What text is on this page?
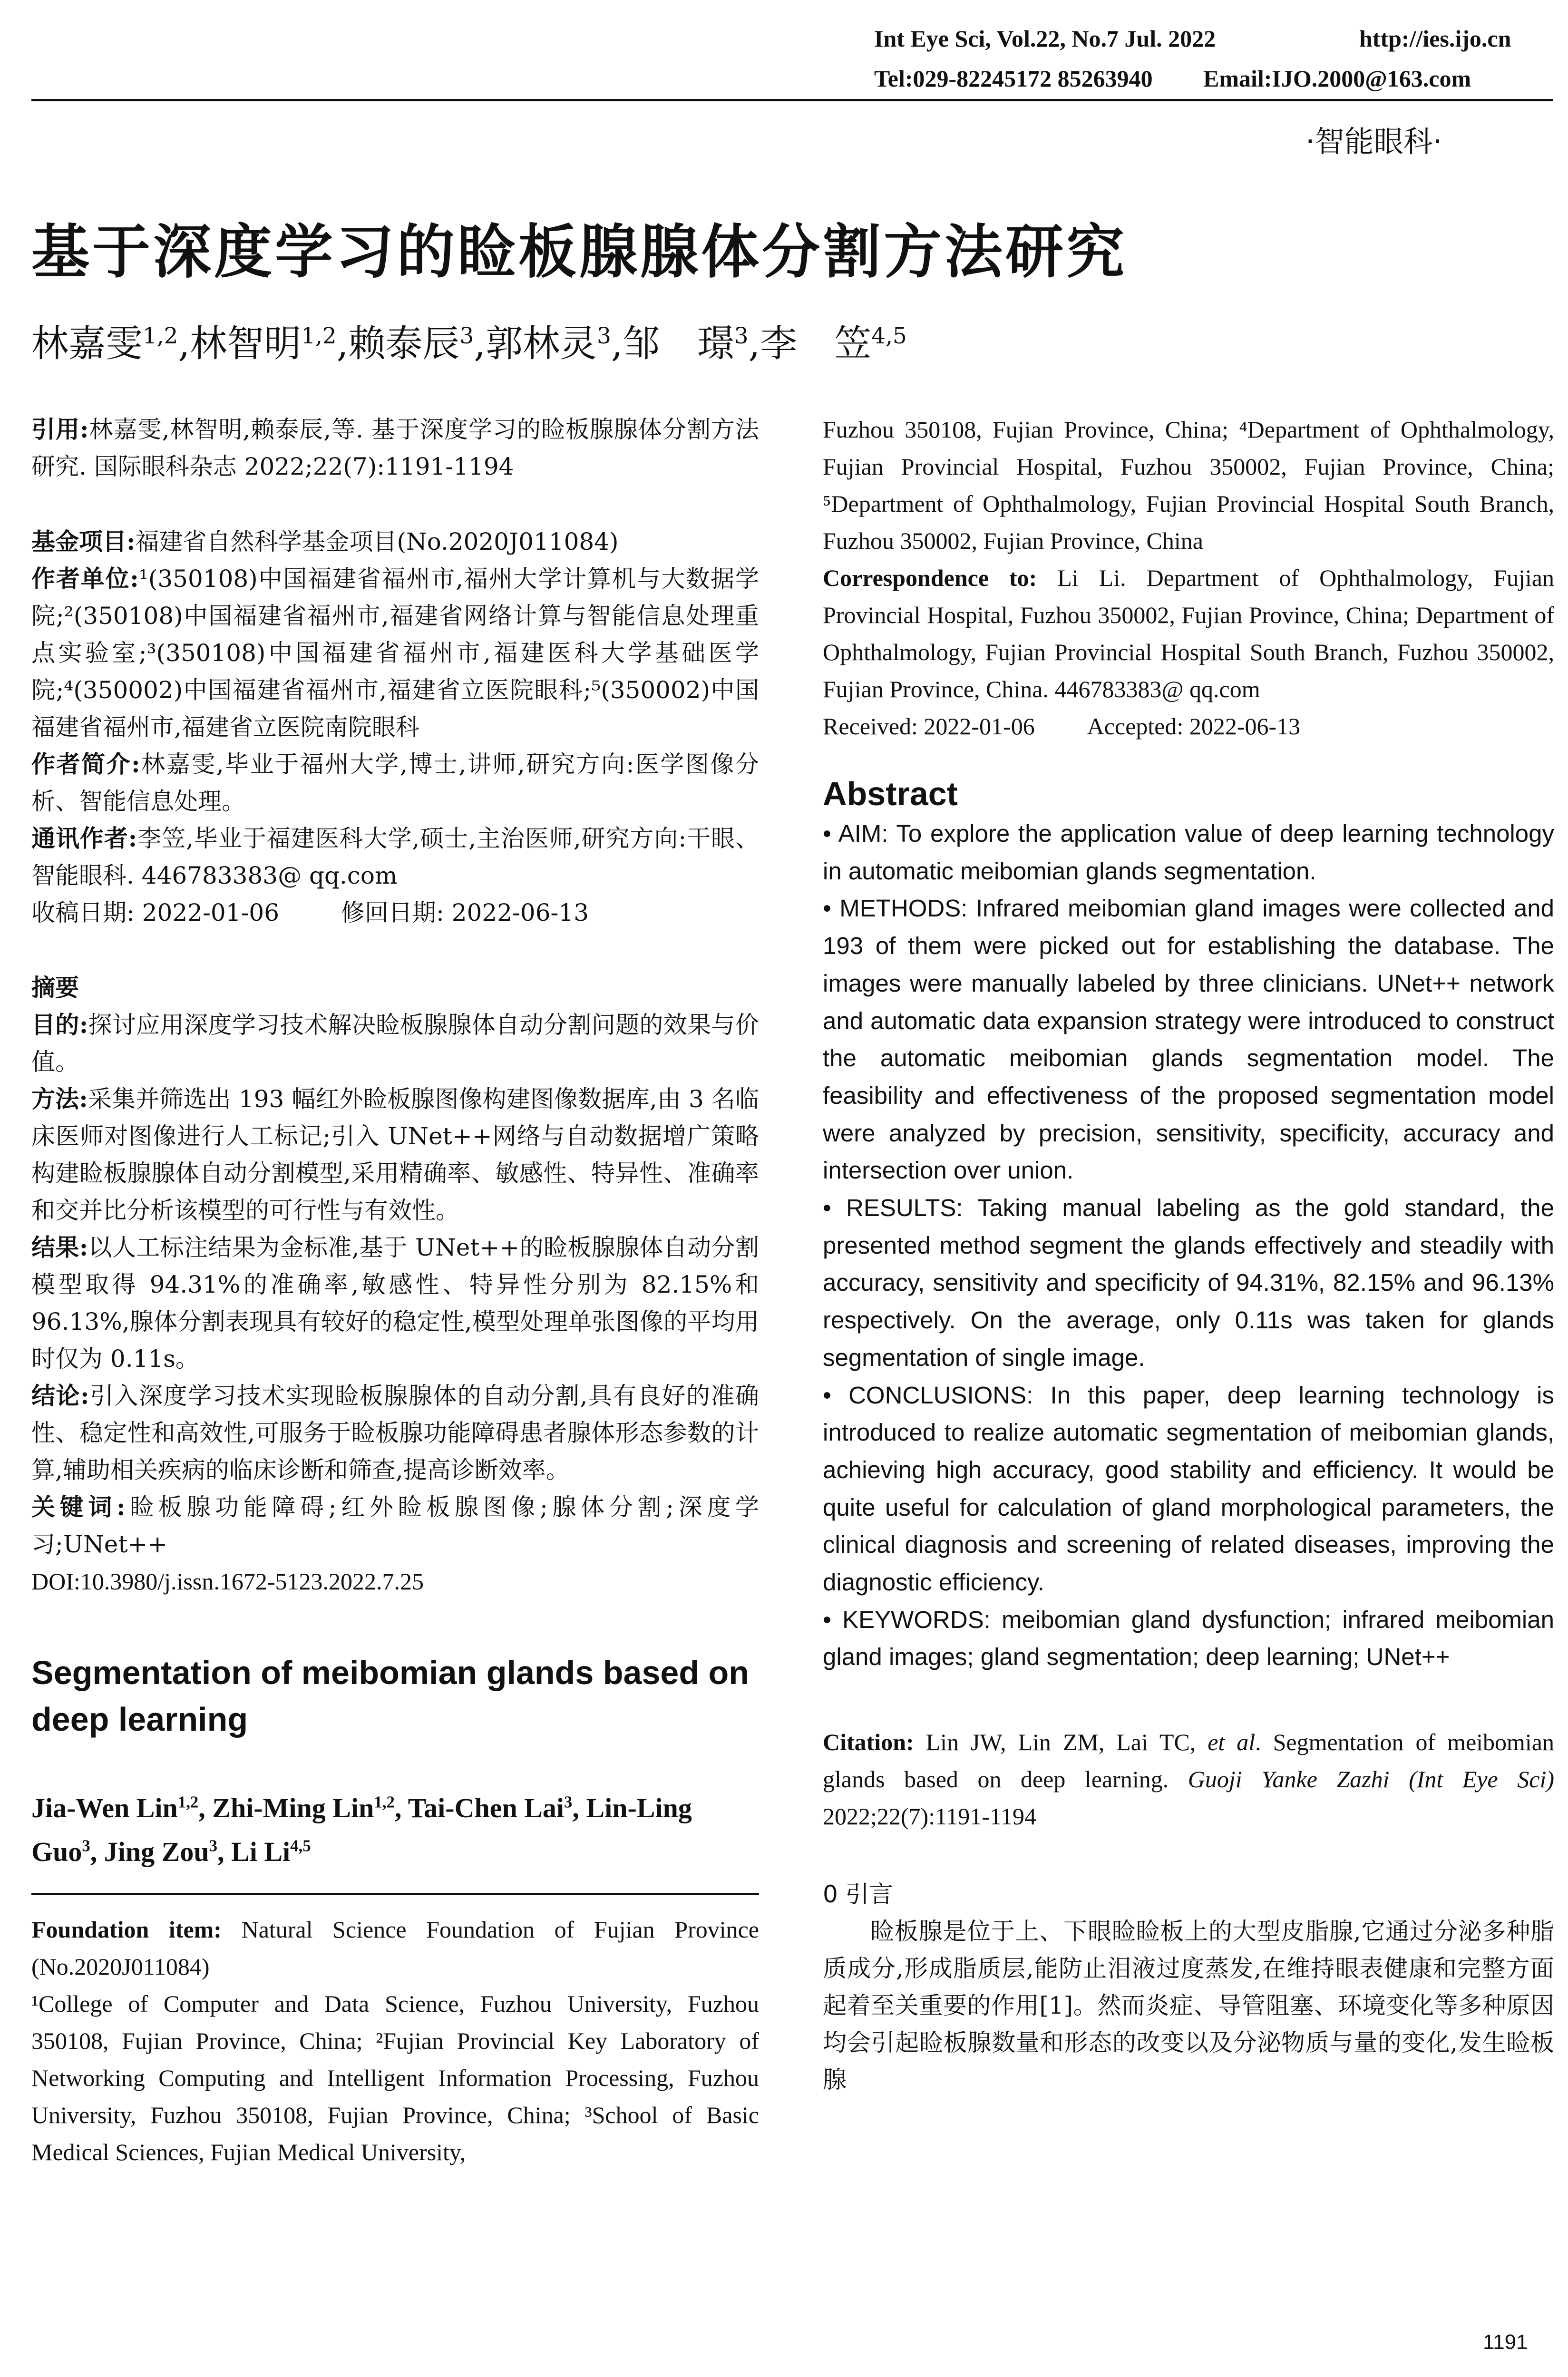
Int Eye Sci, Vol.22, No.7 Jul. 2022	http://ies.ijo.cn
Tel:029-82245172 85263940 Email:IJO.2000@163.com
·智能眼科·
基于深度学习的睑板腺腺体分割方法研究
林嘉雯$^{1,2}$,林智明$^{1,2}$,赖泰辰$^3$,郭林灵$^3$,邹　璟$^3$,李　笠$^{4,5}$
引用:林嘉雯,林智明,赖泰辰,等. 基于深度学习的睑板腺腺体分割方法研究. 国际眼科杂志 2022;22(7):1191-1194
基金项目:福建省自然科学基金项目(No.2020J011084)
作者单位:¹(350108)中国福建省福州市,福州大学计算机与大数据学院;²(350108)中国福建省福州市,福建省网络计算与智能信息处理重点实验室;³(350108)中国福建省福州市,福建医科大学基础医学院;⁴(350002)中国福建省福州市,福建省立医院眼科;⁵(350002)中国福建省福州市,福建省立医院南院眼科
作者简介:林嘉雯,毕业于福州大学,博士,讲师,研究方向:医学图像分析、智能信息处理。
通讯作者:李笠,毕业于福建医科大学,硕士,主治医师,研究方向:干眼、智能眼科. 446783383@ qq.com
收稿日期: 2022-01-06	修回日期: 2022-06-13
摘要
目的:探讨应用深度学习技术解决睑板腺腺体自动分割问题的效果与价值。
方法:采集并筛选出 193 幅红外睑板腺图像构建图像数据库,由 3 名临床医师对图像进行人工标记;引入 UNet++网络与自动数据增广策略构建睑板腺腺体自动分割模型,采用精确率、敏感性、特异性、准确率和交并比分析该模型的可行性与有效性。
结果:以人工标注结果为金标准,基于 UNet++的睑板腺腺体自动分割模型取得 94.31%的准确率,敏感性、特异性分别为 82.15%和 96.13%,腺体分割表现具有较好的稳定性,模型处理单张图像的平均用时仅为 0.11s。
结论:引入深度学习技术实现睑板腺腺体的自动分割,具有良好的准确性、稳定性和高效性,可服务于睑板腺功能障碍患者腺体形态参数的计算,辅助相关疾病的临床诊断和筛查,提高诊断效率。
关键词:睑板腺功能障碍;红外睑板腺图像;腺体分割;深度学习;UNet++
DOI:10.3980/j.issn.1672-5123.2022.7.25
Segmentation of meibomian glands based on deep learning
Jia-Wen Lin$^{1,2}$, Zhi-Ming Lin$^{1,2}$, Tai-Chen Lai$^3$, Lin-Ling Guo$^3$, Jing Zou$^3$, Li Li$^{4,5}$
Foundation item: Natural Science Foundation of Fujian Province (No.2020J011084)
¹College of Computer and Data Science, Fuzhou University, Fuzhou 350108, Fujian Province, China; ²Fujian Provincial Key Laboratory of Networking Computing and Intelligent Information Processing, Fuzhou University, Fuzhou 350108, Fujian Province, China; ³School of Basic Medical Sciences, Fujian Medical University,
Fuzhou 350108, Fujian Province, China; ⁴Department of Ophthalmology, Fujian Provincial Hospital, Fuzhou 350002, Fujian Province, China; ⁵Department of Ophthalmology, Fujian Provincial Hospital South Branch, Fuzhou 350002, Fujian Province, China
Correspondence to: Li Li. Department of Ophthalmology, Fujian Provincial Hospital, Fuzhou 350002, Fujian Province, China; Department of Ophthalmology, Fujian Provincial Hospital South Branch, Fuzhou 350002, Fujian Province, China. 446783383@ qq.com
Received: 2022-01-06 Accepted: 2022-06-13
Abstract
• AIM: To explore the application value of deep learning technology in automatic meibomian glands segmentation.
• METHODS: Infrared meibomian gland images were collected and 193 of them were picked out for establishing the database. The images were manually labeled by three clinicians. UNet++ network and automatic data expansion strategy were introduced to construct the automatic meibomian glands segmentation model. The feasibility and effectiveness of the proposed segmentation model were analyzed by precision, sensitivity, specificity, accuracy and intersection over union.
• RESULTS: Taking manual labeling as the gold standard, the presented method segment the glands effectively and steadily with accuracy, sensitivity and specificity of 94.31%, 82.15% and 96.13% respectively. On the average, only 0.11s was taken for glands segmentation of single image.
• CONCLUSIONS: In this paper, deep learning technology is introduced to realize automatic segmentation of meibomian glands, achieving high accuracy, good stability and efficiency. It would be quite useful for calculation of gland morphological parameters, the clinical diagnosis and screening of related diseases, improving the diagnostic efficiency.
• KEYWORDS: meibomian gland dysfunction; infrared meibomian gland images; gland segmentation; deep learning; UNet++
Citation: Lin JW, Lin ZM, Lai TC, et al. Segmentation of meibomian glands based on deep learning. Guoji Yanke Zazhi (Int Eye Sci) 2022;22(7):1191-1194
0 引言
睑板腺是位于上、下眼睑睑板上的大型皮脂腺,它通过分泌多种脂质成分,形成脂质层,能防止泪液过度蒸发,在维持眼表健康和完整方面起着至关重要的作用[1]。然而炎症、导管阻塞、环境变化等多种原因均会引起睑板腺数量和形态的改变以及分泌物质与量的变化,发生睑板腺
1191
